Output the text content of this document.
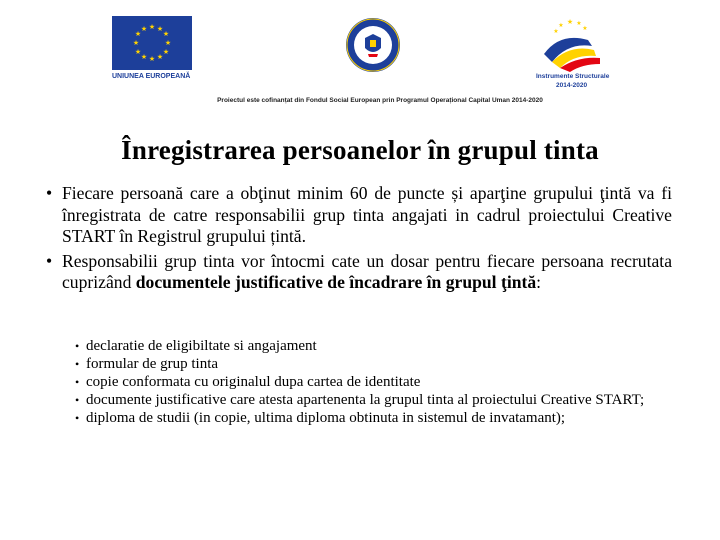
★ ★
★
★
★
★
★
★
★
★
★
★
UNIUNEA EUROPEANĂ
★ ★
★	★
★
Instrumente Structurale
2014-2020
Proiectul este cofinanțat din Fondul Social European prin Programul Operațional Capital Uman 2014-2020
Înregistrarea persoanelor în grupul tinta
• Fiecare persoană care a obţinut minim 60 de puncte și aparţine grupului ţintă va fi înregistrata de catre responsabilii grup tinta angajati in cadrul proiectului Creative START în Registrul grupului țintă.
• Responsabilii grup tinta vor întocmi cate un dosar pentru fiecare persoana recrutata cuprizând documentele justificative de încadrare în grupul ţintă:
• declaratie de eligibiltate si angajament
• formular de grup tinta
• copie conformata cu originalul dupa cartea de identitate
• documente justificative care atesta apartenenta la grupul tinta al proiectului Creative START;
• diploma de studii (in copie, ultima diploma obtinuta in sistemul de invatamant);
